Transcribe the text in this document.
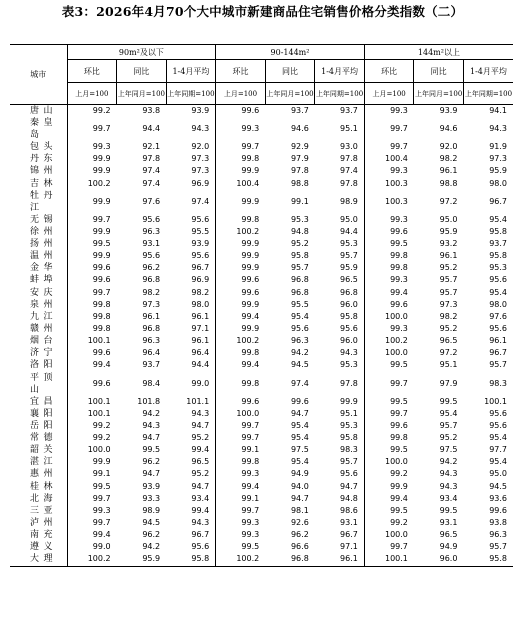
表3：2026年4月70个大中城市新建商品住宅销售价格分类指数（二）
城市	90m²及以下			90-144m²			144m²以上		
	环比	同比	1-4月平均	环比	同比	1-4月平均	环比	同比	1-4月平均
	上月=100	上年同月=100	上年同期=100	上月=100	上年同月=100	上年同期=100	上月=100	上年同月=100	上年同期=100
唐山	99.2	93.8	93.9	99.6	93.7	93.7	99.3	93.9	94.1
秦皇岛	99.7	94.4	94.3	99.3	94.6	95.1	99.7	94.6	94.3
包头	99.3	92.1	92.0	99.7	92.9	93.0	99.7	92.0	91.9
丹东	99.9	97.8	97.3	99.8	97.9	97.8	100.4	98.2	97.3
锦州	99.9	97.4	97.3	99.9	97.8	97.4	99.3	96.1	95.9
吉林	100.2	97.4	96.9	100.4	98.8	97.8	100.3	98.8	98.0
牡丹江	99.9	97.6	97.4	99.9	99.1	98.9	100.3	97.2	96.7
无锡	99.7	95.6	95.6	99.8	95.3	95.0	99.3	95.0	95.4
徐州	99.9	96.3	95.5	100.2	94.8	94.4	99.6	95.9	95.8
扬州	99.5	93.1	93.9	99.9	95.2	95.3	99.5	93.2	93.7
温州	99.9	95.6	95.6	99.9	95.8	95.7	99.8	96.1	95.8
金华	99.6	96.2	96.7	99.9	95.7	95.9	99.8	95.2	95.3
蚌埠	99.6	96.8	96.9	99.6	96.8	96.5	99.3	95.7	95.6
安庆	99.7	98.2	98.2	99.6	96.8	96.8	99.4	95.7	95.4
泉州	99.8	97.3	98.0	99.9	95.5	96.0	99.6	97.3	98.0
九江	99.8	96.1	96.1	99.4	95.4	95.8	100.0	98.2	97.6
赣州	99.8	96.8	97.1	99.9	95.6	95.6	99.3	95.2	95.6
烟台	100.1	96.3	96.1	100.2	96.3	96.0	100.2	96.5	96.1
济宁	99.6	96.4	96.4	99.8	94.2	94.3	100.0	97.2	96.7
洛阳	99.4	93.7	94.4	99.4	94.5	95.3	99.5	95.1	95.7
平顶山	99.6	98.4	99.0	99.8	97.4	97.8	99.7	97.9	98.3
宜昌	100.1	101.8	101.1	99.6	99.6	99.9	99.5	99.5	100.1
襄阳	100.1	94.2	94.3	100.0	94.7	95.1	99.7	95.4	95.6
岳阳	99.2	94.3	94.7	99.7	95.4	95.3	99.6	95.7	95.6
常德	99.2	94.7	95.2	99.7	95.4	95.8	99.8	95.2	95.4
韶关	100.0	99.5	99.4	99.1	97.5	98.3	99.5	97.5	97.7
湛江	99.9	96.2	96.5	99.8	95.4	95.7	100.0	94.2	95.4
惠州	99.1	94.7	95.2	99.3	94.9	95.6	99.2	94.3	95.0
桂林	99.5	93.9	94.7	99.4	94.0	94.7	99.9	94.3	94.5
北海	99.7	93.3	93.4	99.1	94.7	94.8	99.4	93.4	93.6
三亚	99.3	98.9	99.4	99.7	98.1	98.6	99.5	99.5	99.6
泸州	99.7	94.5	94.3	99.3	92.6	93.1	99.2	93.1	93.8
南充	99.4	96.2	96.7	99.3	96.2	96.7	100.0	96.5	96.3
遵义	99.0	94.2	95.6	99.5	96.6	97.1	99.7	94.9	95.7
大理	100.2	95.9	95.8	100.2	96.8	96.1	100.1	96.0	95.8
